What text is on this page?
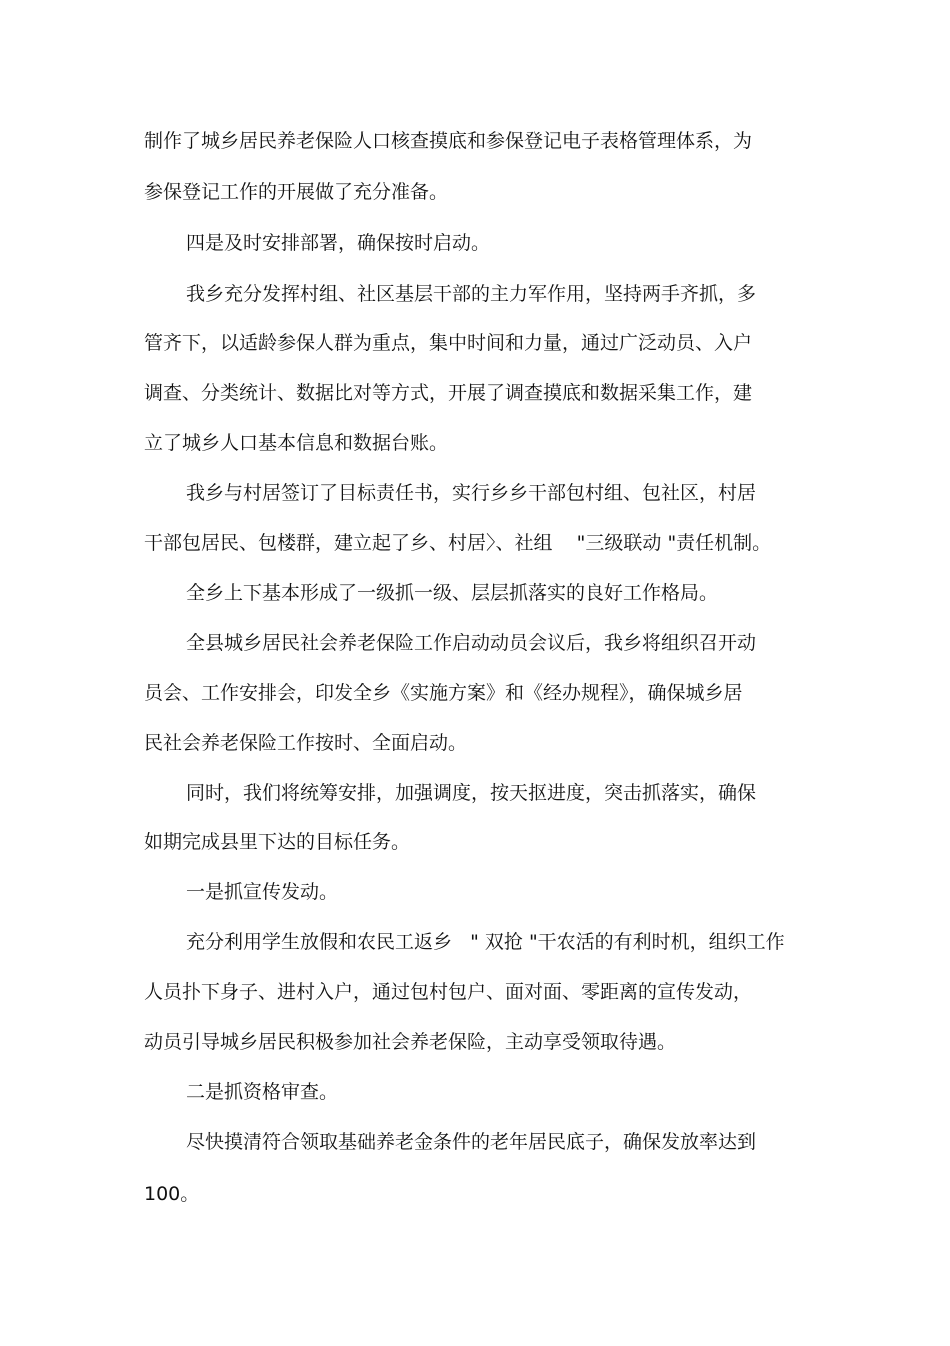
制作了城乡居民养老保险人口核查摸底和参保登记电子表格管理体系，为
参保登记工作的开展做了充分准备。
四是及时安排部署，确保按时启动。
我乡充分发挥村组、社区基层干部的主力军作用，坚持两手齐抓，多
管齐下，以适龄参保人群为重点，集中时间和力量，通过广泛动员、入户
调查、分类统计、数据比对等方式，开展了调查摸底和数据采集工作，建
立了城乡人口基本信息和数据台账。
我乡与村居签订了目标责任书，实行乡乡干部包村组、包社区，村居
干部包居民、包楼群，建立起了乡、村居〉、社组    "三级联动 "责任机制。
全乡上下基本形成了一级抓一级、层层抓落实的良好工作格局。
全县城乡居民社会养老保险工作启动动员会议后，我乡将组织召开动
员会、工作安排会，印发全乡《实施方案》和《经办规程》，确保城乡居
民社会养老保险工作按时、全面启动。
同时，我们将统筹安排，加强调度，按天抠进度，突击抓落实，确保
如期完成县里下达的目标任务。
一是抓宣传发动。
充分利用学生放假和农民工返乡   " 双抢 "干农活的有利时机，组织工作
人员扑下身子、进村入户，通过包村包户、面对面、零距离的宣传发动，
动员引导城乡居民积极参加社会养老保险，主动享受领取待遇。
二是抓资格审查。
尽快摸清符合领取基础养老金条件的老年居民底子，确保发放率达到
100。
